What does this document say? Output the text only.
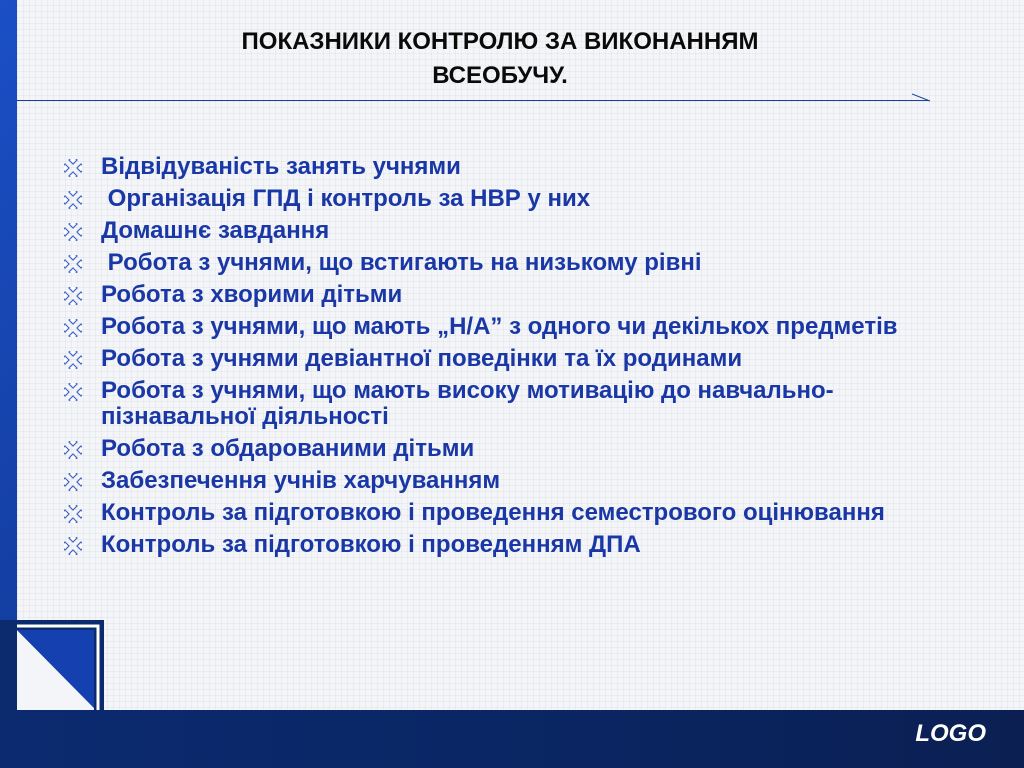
ПОКАЗНИКИ КОНТРОЛЮ ЗА ВИКОНАННЯМ
ВСЕОБУЧУ.
Відвідуваність занять учнями
Організація ГПД і контроль за НВР у них
Домашнє завдання
Робота з учнями, що встигають на низькому рівні
Робота з хворими дітьми
Робота з учнями, що мають „Н/А” з одного чи декількох предметів
Робота з учнями девіантної поведінки та їх родинами
Робота з учнями, що мають високу мотивацію до навчально-пізнавальної діяльності
Робота з обдарованими дітьми
Забезпечення учнів харчуванням
Контроль за підготовкою і проведення семестрового оцінювання
Контроль за підготовкою і проведенням ДПА
LOGO
